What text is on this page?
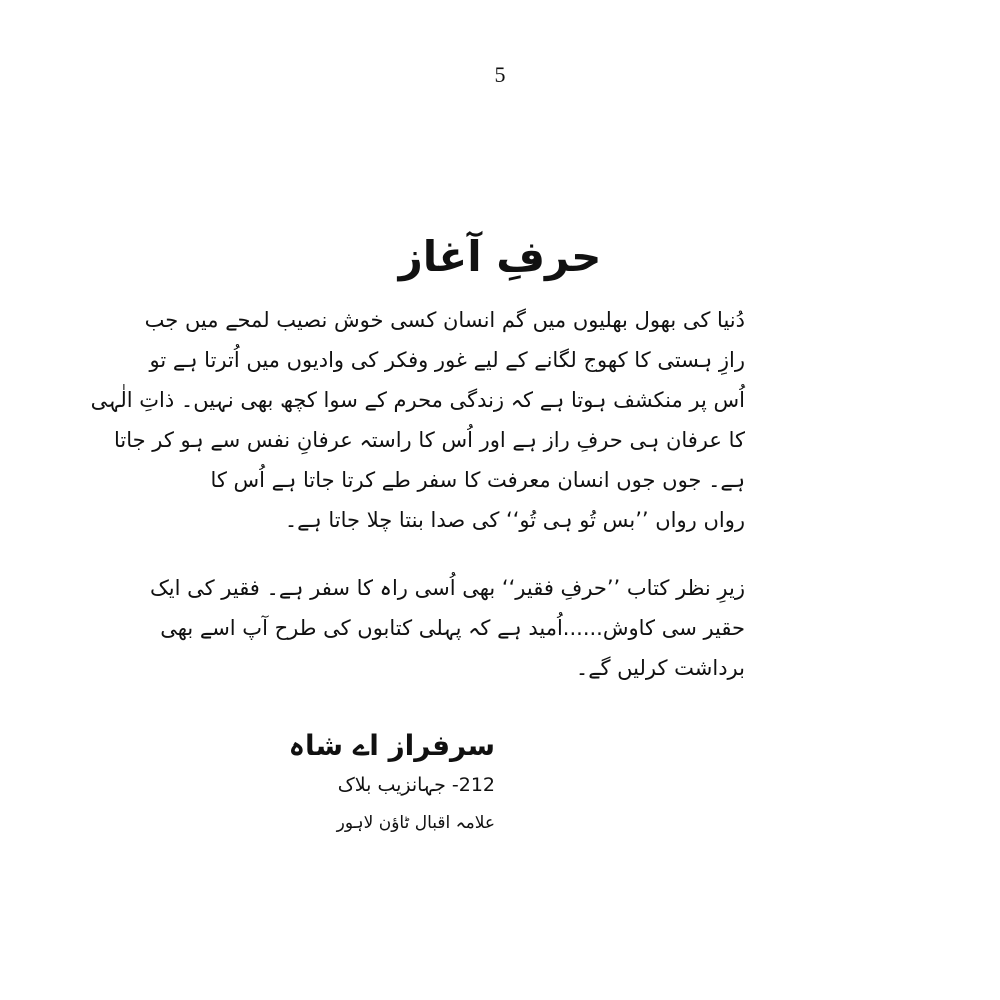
5
حرفِ آغاز
دُنیا کی بھول بھلیوں میں گم انسان کسی خوش نصیب لمحے میں جب
رازِ ہستی کا کھوج لگانے کے لیے غور وفکر کی وادیوں میں اُترتا ہے تو
اُس پر منکشف ہوتا ہے کہ زندگی محرم کے سوا کچھ بھی نہیں۔ ذاتِ الٰہی
کا عرفان ہی حرفِ راز ہے اور اُس کا راستہ عرفانِ نفس سے ہو کر جاتا
ہے۔ جوں جوں انسان معرفت کا سفر طے کرتا جاتا ہے اُس کا
رواں رواں ’’بس تُو ہی تُو‘‘ کی صدا بنتا چلا جاتا ہے۔
زیرِ نظر کتاب ’’حرفِ فقیر‘‘ بھی اُسی راہ کا سفر ہے۔ فقیر کی ایک
حقیر سی کاوش......اُمید ہے کہ پہلی کتابوں کی طرح آپ اسے بھی
برداشت کرلیں گے۔
سرفراز اے شاہ
212- جہانزیب بلاک
علامہ اقبال ٹاؤن لاہور
